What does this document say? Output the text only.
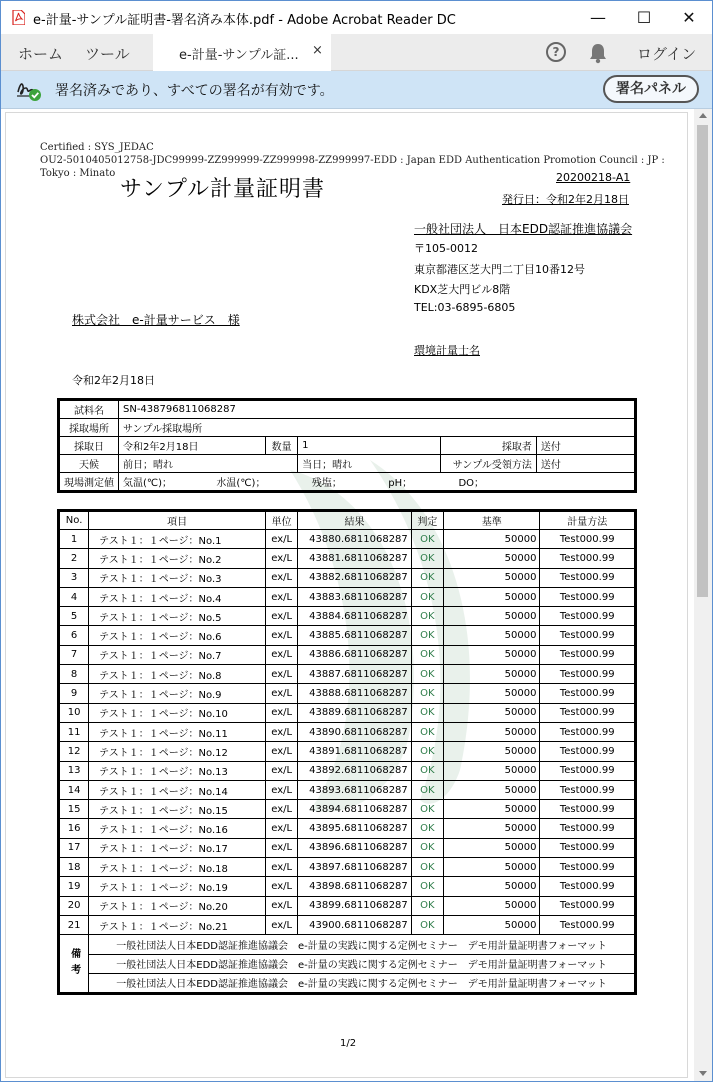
e-計量-サンプル証明書-署名済み本体.pdf - Adobe Acrobat Reader DC	—	☐	✕
ホーム ツール	e-計量-サンプル証... ×	?	ログイン
署名済みであり、すべての署名が有効です。	署名パネル
Certified : SYS_JEDAC
OU2-5010405012758-JDC99999-ZZ999999-ZZ999998-ZZ999997-EDD : Japan EDD Authentication Promotion Council : JP :
Tokyo : Minato
サンプル計量証明書	20200218-A1
発行日：令和2年2月18日
一般社団法人　日本EDD認証推進協議会
〒105-0012
東京都港区芝大門二丁目10番12号
KDX芝大門ビル8階
TEL:03-6895-6805
環境計量士名
株式会社　e-計量サービス　様
令和2年2月18日
試料名	SN-438796811068287				
採取場所	サンプル採取場所				
採取日	令和2年2月18日	数量	1	採取者	送付
天候	前日；晴れ		当日；晴れ	サンプル受領方法	送付
現場測定値	気温(℃)； 水温(℃)； 残塩； pH； DO；				
No.	項目	単位	結果	判定	基準	計量方法
1	テスト１：１ページ：No.1	ex/L	43880.6811068287	OK	50000	Test000.99
2	テスト１：１ページ：No.2	ex/L	43881.6811068287	OK	50000	Test000.99
3	テスト１：１ページ：No.3	ex/L	43882.6811068287	OK	50000	Test000.99
4	テスト１：１ページ：No.4	ex/L	43883.6811068287	OK	50000	Test000.99
5	テスト１：１ページ：No.5	ex/L	43884.6811068287	OK	50000	Test000.99
6	テスト１：１ページ：No.6	ex/L	43885.6811068287	OK	50000	Test000.99
7	テスト１：１ページ：No.7	ex/L	43886.6811068287	OK	50000	Test000.99
8	テスト１：１ページ：No.8	ex/L	43887.6811068287	OK	50000	Test000.99
9	テスト１：１ページ：No.9	ex/L	43888.6811068287	OK	50000	Test000.99
10	テスト１：１ページ：No.10	ex/L	43889.6811068287	OK	50000	Test000.99
11	テスト１：１ページ：No.11	ex/L	43890.6811068287	OK	50000	Test000.99
12	テスト１：１ページ：No.12	ex/L	43891.6811068287	OK	50000	Test000.99
13	テスト１：１ページ：No.13	ex/L	43892.6811068287	OK	50000	Test000.99
14	テスト１：１ページ：No.14	ex/L	43893.6811068287	OK	50000	Test000.99
15	テスト１：１ページ：No.15	ex/L	43894.6811068287	OK	50000	Test000.99
16	テスト１：１ページ：No.16	ex/L	43895.6811068287	OK	50000	Test000.99
17	テスト１：１ページ：No.17	ex/L	43896.6811068287	OK	50000	Test000.99
18	テスト１：１ページ：No.18	ex/L	43897.6811068287	OK	50000	Test000.99
19	テスト１：１ページ：No.19	ex/L	43898.6811068287	OK	50000	Test000.99
20	テスト１：１ページ：No.20	ex/L	43899.6811068287	OK	50000	Test000.99
21	テスト１：１ページ：No.21	ex/L	43900.6811068287	OK	50000	Test000.99
備考	一般社団法人日本EDD認証推進協議会　e-計量の実践に関する定例セミナー　デモ用計量証明書フォーマット					
	一般社団法人日本EDD認証推進協議会　e-計量の実践に関する定例セミナー　デモ用計量証明書フォーマット					
	一般社団法人日本EDD認証推進協議会　e-計量の実践に関する定例セミナー　デモ用計量証明書フォーマット					
1/2
